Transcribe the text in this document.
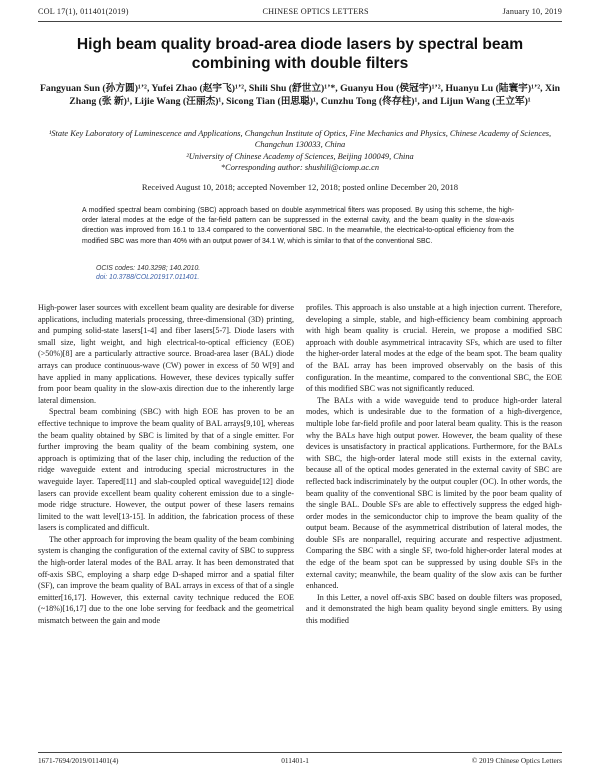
COL 17(1), 011401(2019)	CHINESE OPTICS LETTERS	January 10, 2019
High beam quality broad-area diode lasers by spectral beam combining with double filters
Fangyuan Sun (孙方圆)¹ʼ², Yufei Zhao (赵宇飞)¹ʼ², Shili Shu (舒世立)¹ʼ*, Guanyu Hou (侯冠宇)¹ʼ², Huanyu Lu (陆寰宇)¹ʼ², Xin Zhang (张 新)¹, Lijie Wang (汪丽杰)¹, Sicong Tian (田思聪)¹, Cunzhu Tong (佟存柱)¹, and Lijun Wang (王立军)¹
¹State Key Laboratory of Luminescence and Applications, Changchun Institute of Optics, Fine Mechanics and Physics, Chinese Academy of Sciences, Changchun 130033, China
²University of Chinese Academy of Sciences, Beijing 100049, China
*Corresponding author: shushili@ciomp.ac.cn
Received August 10, 2018; accepted November 12, 2018; posted online December 20, 2018
A modified spectral beam combining (SBC) approach based on double asymmetrical filters was proposed. By using this scheme, the high-order lateral modes at the edge of the far-field pattern can be suppressed in the external cavity, and the beam quality in the slow-axis direction was improved from 16.1 to 13.4 compared to the conventional SBC. In the meanwhile, the electrical-to-optical efficiency from the modified SBC was more than 40% with an output power of 34.1 W, which is similar to that of the conventional SBC.
OCIS codes: 140.3298; 140.2010.
doi: 10.3788/COL201917.011401.

High-power laser sources with excellent beam quality are desirable for diverse applications, including materials processing, three-dimensional (3D) printing, and pumping solid-state lasers[1-4] and fiber lasers[5-7]. Diode lasers with small size, light weight, and high electrical-to-optical efficiency (EOE) (>50%)[8] are a particularly attractive source. Broad-area laser (BAL) diode arrays can produce continuous-wave (CW) power in excess of 50 W[9] and have applied in many applications. However, these devices typically suffer from poor beam quality in the slow-axis direction due to the inherently large lateral dimension.

Spectral beam combining (SBC) with high EOE has proven to be an effective technique to improve the beam quality of BAL arrays[9,10], whereas the beam quality obtained by SBC is limited by that of a single emitter. For further improving the beam quality of the beam combining system, one approach is optimizing that of the laser chip, including the reduction of the ridge waveguide extent and introducing special microstructures in the waveguide layer. Tapered[11] and slab-coupled optical waveguide[12] diode lasers can provide excellent beam quality coherent emission due to a single-mode ridge structure. However, the output power of these lasers remains limited to the watt level[13-15]. In addition, the fabrication process of these lasers is complicated and difficult.

The other approach for improving the beam quality of the beam combining system is changing the configuration of the external cavity of SBC to suppress the high-order lateral modes of the BAL array. It has been demonstrated that off-axis SBC, employing a sharp edge D-shaped mirror and a spatial filter (SF), can improve the beam quality of BAL arrays in excess of that of a single emitter[16,17]. However, this external cavity technique reduced the EOE (~18%)[16,17] due to the one lobe serving for feedback and the geometrical mismatch between the gain and mode

profiles. This approach is also unstable at a high injection current. Therefore, developing a simple, stable, and high-efficiency beam combining approach with high beam quality is crucial. Herein, we propose a modified SBC approach with double asymmetrical intracavity SFs, which are used to filter the higher-order lateral modes at the edge of the beam spot. The beam quality of the BAL array has been improved observably on the basis of this configuration. In the meantime, compared to the conventional SBC, the EOE of this modified SBC was not significantly reduced.

The BALs with a wide waveguide tend to produce high-order lateral modes, which is undesirable due to the formation of a high-divergence, multiple lobe far-field profile and poor lateral beam quality. This is the reason why the BALs have high output power. However, the beam quality of these devices is unsatisfactory in practical applications. Furthermore, for the BALs with SBC, the high-order lateral mode still exists in the external cavity, because all of the optical modes generated in the external cavity of SBC are reflected back indiscriminately by the output coupler (OC). In other words, the beam quality of the conventional SBC is limited by the poor beam quality of the single BAL. Double SFs are able to effectively suppress the edged high-order modes in the semiconductor chip to improve the beam quality of the output beam. Because of the asymmetrical distribution of lateral modes, the double SFs are nonparallel, requiring accurate and respective adjustment. Comparing the SBC with a single SF, two-fold higher-order lateral modes at the edge of the beam spot can be suppressed by using double SFs in the external cavity; meanwhile, the beam quality of the slow axis can be further enhanced.

In this Letter, a novel off-axis SBC based on double filters was proposed, and it demonstrated the high beam quality beyond single emitters. By using this modified

1671-7694/2019/011401(4)	011401-1	© 2019 Chinese Optics Letters
